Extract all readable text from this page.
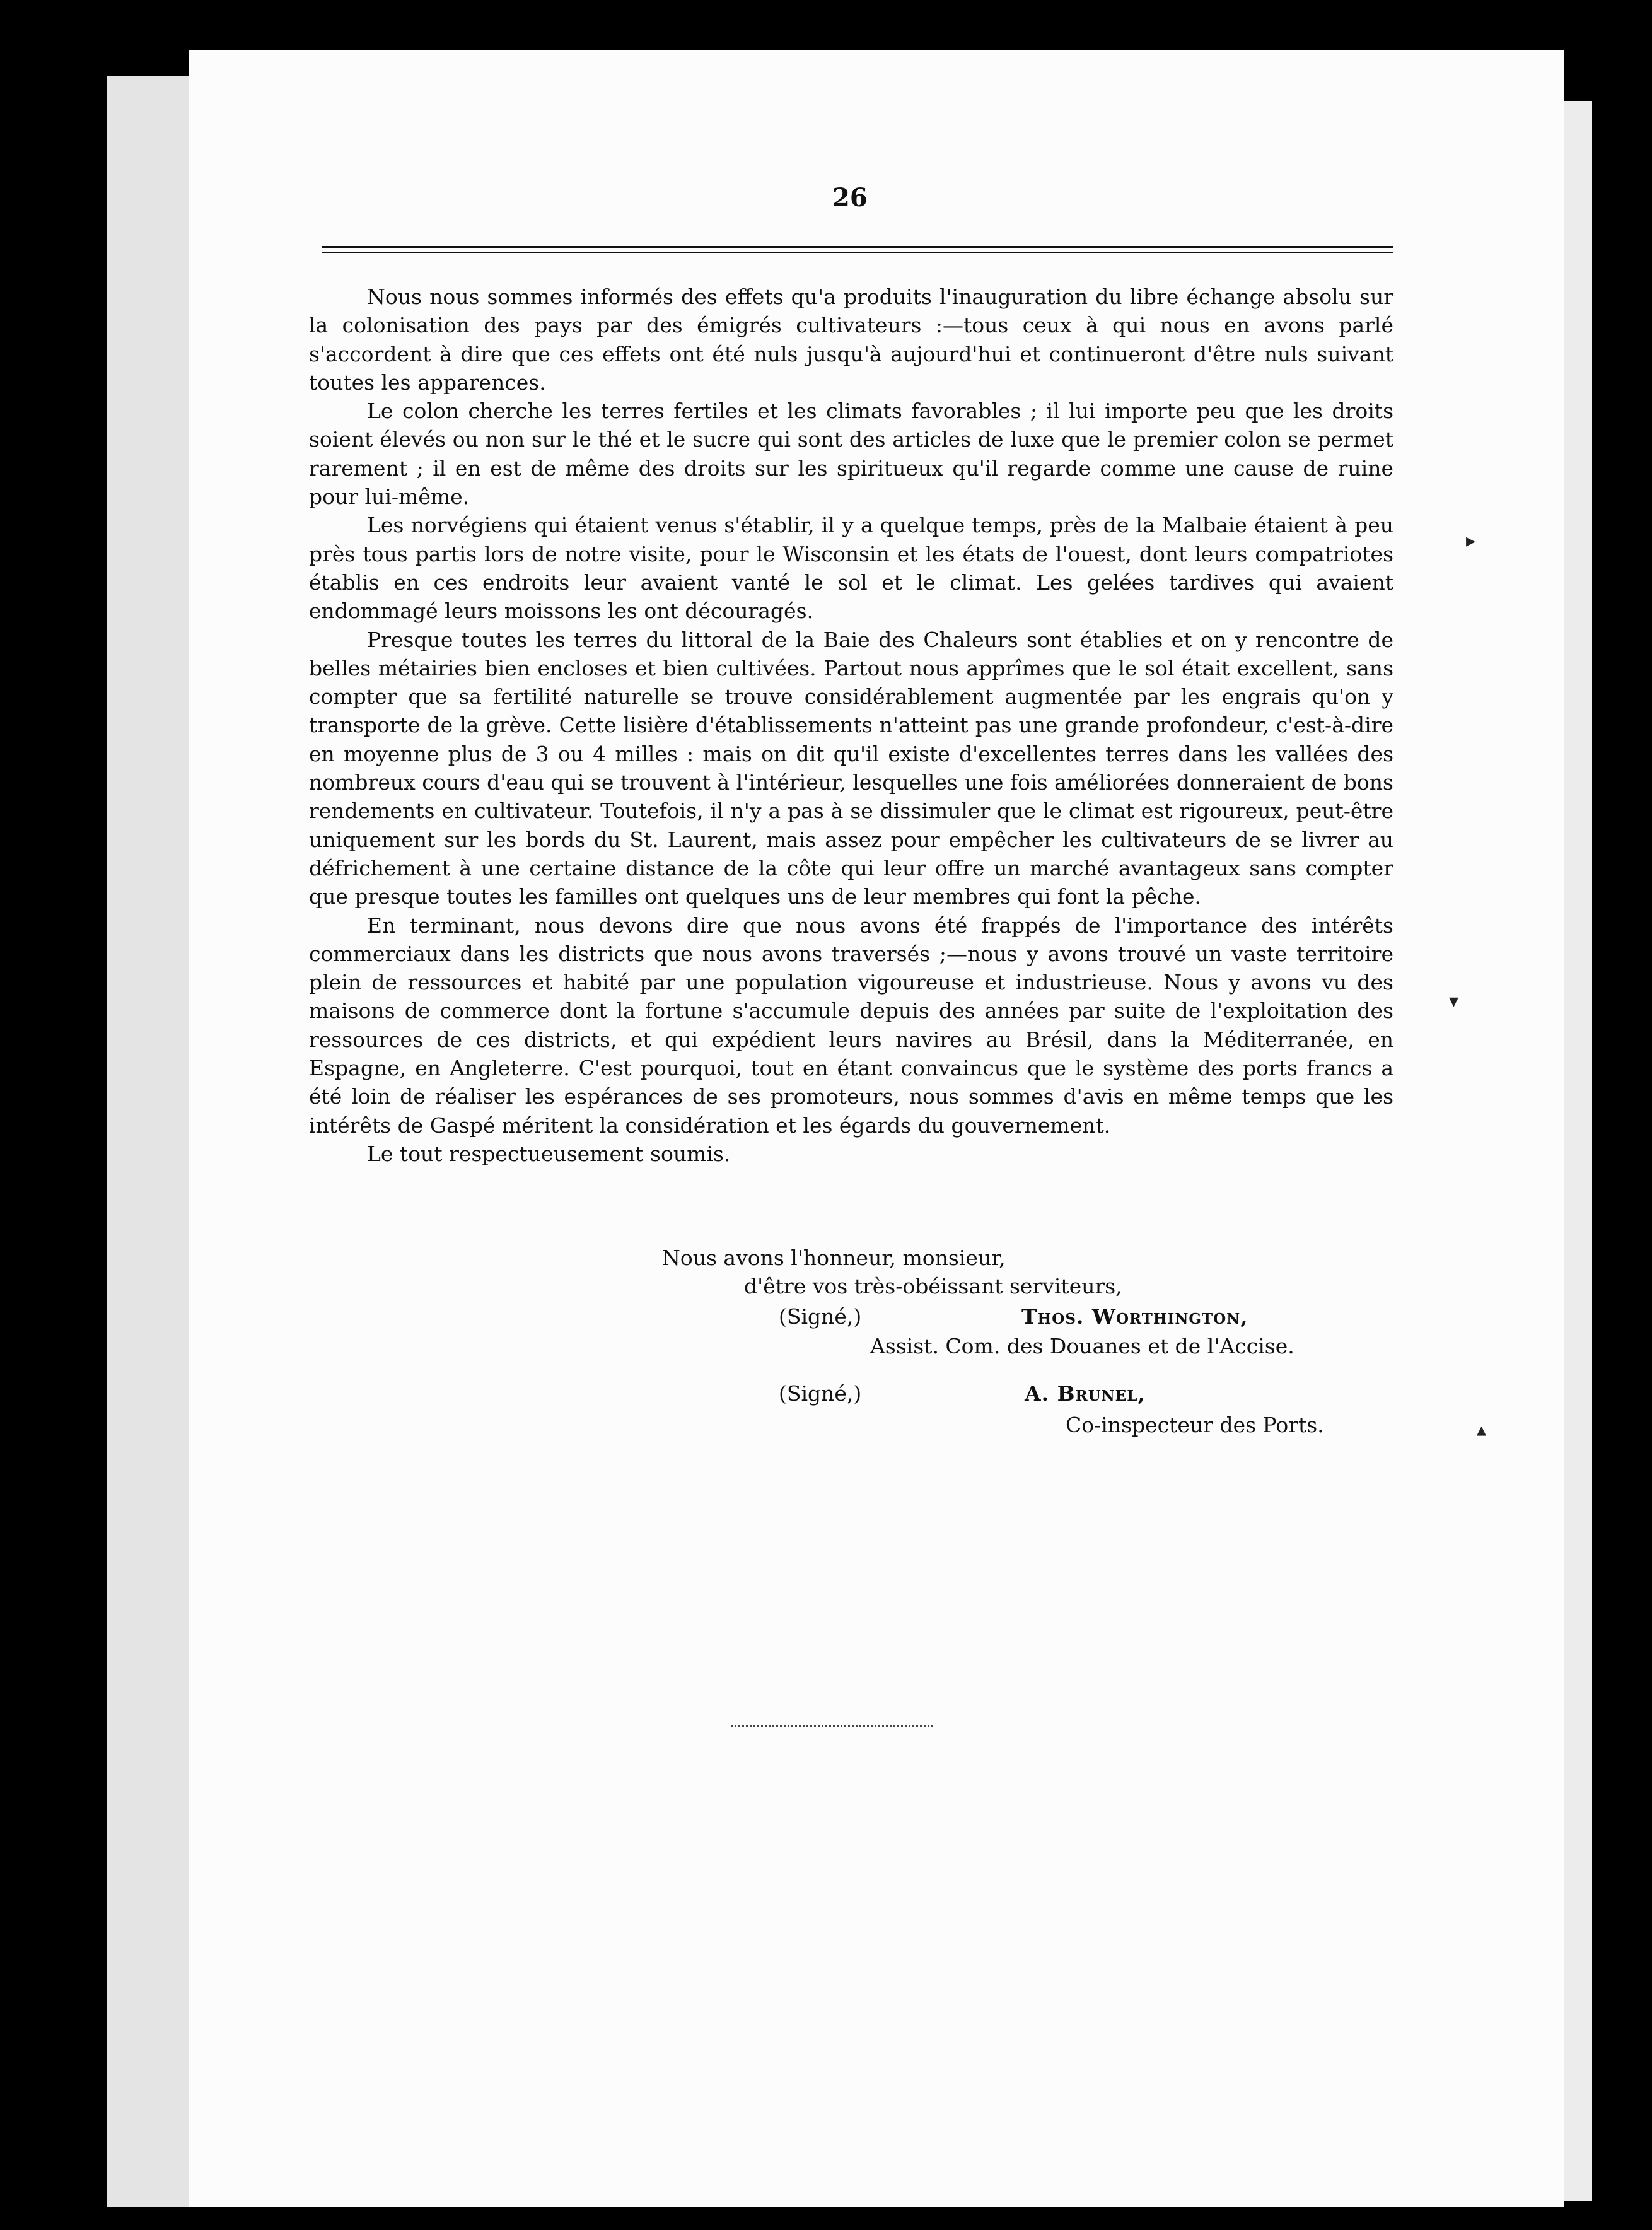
26

Nous nous sommes informés des effets qu'a produits l'inauguration du libre échange absolu sur la colonisation des pays par des émigrés cultivateurs :—tous ceux à qui nous en avons parlé s'accordent à dire que ces effets ont été nuls jusqu'à aujourd'hui et continueront d'être nuls suivant toutes les apparences.

Le colon cherche les terres fertiles et les climats favorables ; il lui importe peu que les droits soient élevés ou non sur le thé et le sucre qui sont des articles de luxe que le premier colon se permet rarement ; il en est de même des droits sur les spiritueux qu'il regarde comme une cause de ruine pour lui-même.

Les norvégiens qui étaient venus s'établir, il y a quelque temps, près de la Malbaie étaient à peu près tous partis lors de notre visite, pour le Wisconsin et les états de l'ouest, dont leurs compatriotes établis en ces endroits leur avaient vanté le sol et le climat. Les gelées tardives qui avaient endommagé leurs moissons les ont découragés.

Presque toutes les terres du littoral de la Baie des Chaleurs sont établies et on y rencontre de belles métairies bien encloses et bien cultivées. Partout nous apprîmes que le sol était excellent, sans compter que sa fertilité naturelle se trouve considérablement augmentée par les engrais qu'on y transporte de la grève. Cette lisière d'établissements n'atteint pas une grande profondeur, c'est-à-dire en moyenne plus de 3 ou 4 milles : mais on dit qu'il existe d'excellentes terres dans les vallées des nombreux cours d'eau qui se trouvent à l'intérieur, lesquelles une fois améliorées donneraient de bons rendements en cultivateur. Toutefois, il n'y a pas à se dissimuler que le climat est rigoureux, peut-être uniquement sur les bords du St. Laurent, mais assez pour empêcher les cultivateurs de se livrer au défrichement à une certaine distance de la côte qui leur offre un marché avantageux sans compter que presque toutes les familles ont quelques uns de leur membres qui font la pêche.

En terminant, nous devons dire que nous avons été frappés de l'importance des intérêts commerciaux dans les districts que nous avons traversés ;—nous y avons trouvé un vaste territoire plein de ressources et habité par une population vigoureuse et industrieuse. Nous y avons vu des maisons de commerce dont la fortune s'accumule depuis des années par suite de l'exploitation des ressources de ces districts, et qui expédient leurs navires au Brésil, dans la Méditerranée, en Espagne, en Angleterre. C'est pourquoi, tout en étant convaincus que le système des ports francs a été loin de réaliser les espérances de ses promoteurs, nous sommes d'avis en même temps que les intérêts de Gaspé méritent la considération et les égards du gouvernement.

Le tout respectueusement soumis.

Nous avons l'honneur, monsieur,
d'être vos très-obéissant serviteurs,
(Signé,)	Thos. Worthington,
Assist. Com. des Douanes et de l'Accise.
(Signé,)	A. Brunel,
Co-inspecteur des Ports.
▸
▾
▴
